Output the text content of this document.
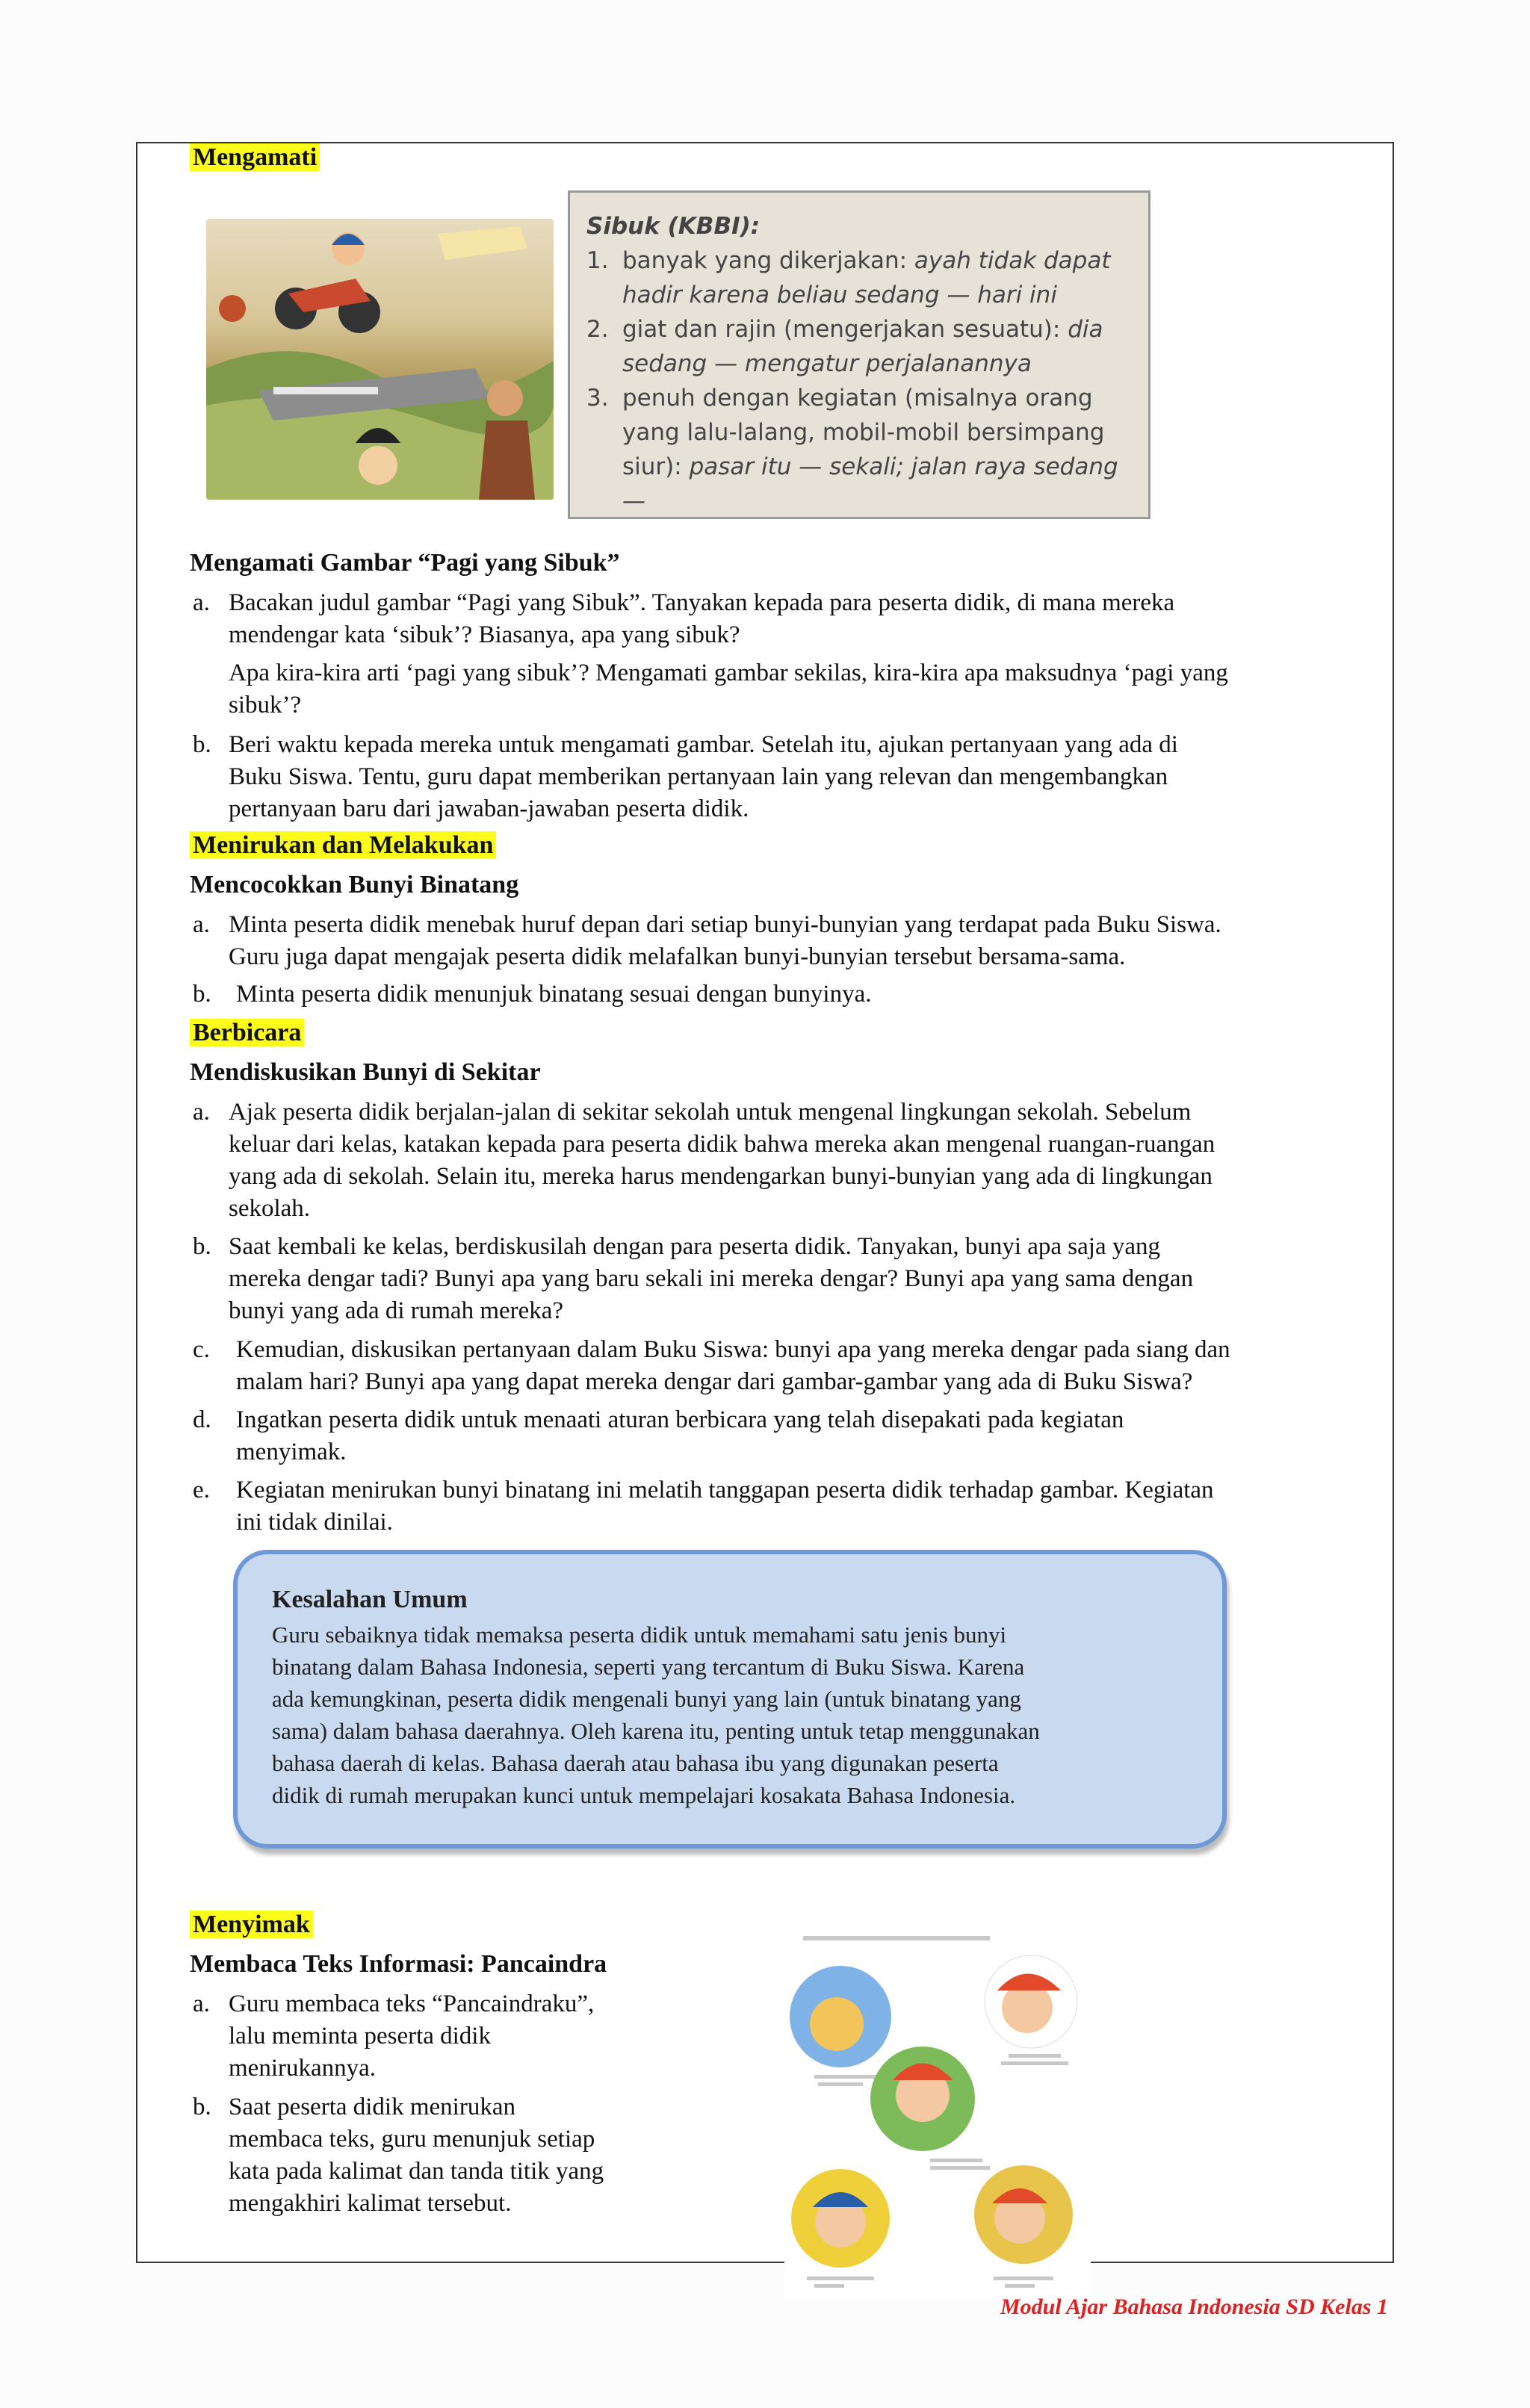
Mengamati
Sibuk (KBBI):
1. banyak yang dikerjakan: ayah tidak dapat
hadir karena beliau sedang — hari ini
2. giat dan rajin (mengerjakan sesuatu): dia
sedang — mengatur perjalanannya
3. penuh dengan kegiatan (misalnya orang
yang lalu-lalang, mobil-mobil bersimpang
siur): pasar itu — sekali; jalan raya sedang —
Mengamati Gambar “Pagi yang Sibuk”
a. Bacakan judul gambar “Pagi yang Sibuk”. Tanyakan kepada para peserta didik, di mana mereka
mendengar kata ‘sibuk’? Biasanya, apa yang sibuk?
Apa kira-kira arti ‘pagi yang sibuk’? Mengamati gambar sekilas, kira-kira apa maksudnya ‘pagi yang
sibuk’?
b. Beri waktu kepada mereka untuk mengamati gambar. Setelah itu, ajukan pertanyaan yang ada di
Buku Siswa. Tentu, guru dapat memberikan pertanyaan lain yang relevan dan mengembangkan
pertanyaan baru dari jawaban-jawaban peserta didik.
Menirukan dan Melakukan
Mencocokkan Bunyi Binatang
a. Minta peserta didik menebak huruf depan dari setiap bunyi-bunyian yang terdapat pada Buku Siswa.
Guru juga dapat mengajak peserta didik melafalkan bunyi-bunyian tersebut bersama-sama.
b. Minta peserta didik menunjuk binatang sesuai dengan bunyinya.
Berbicara
Mendiskusikan Bunyi di Sekitar
a. Ajak peserta didik berjalan-jalan di sekitar sekolah untuk mengenal lingkungan sekolah. Sebelum
keluar dari kelas, katakan kepada para peserta didik bahwa mereka akan mengenal ruangan-ruangan
yang ada di sekolah. Selain itu, mereka harus mendengarkan bunyi-bunyian yang ada di lingkungan
sekolah.
b. Saat kembali ke kelas, berdiskusilah dengan para peserta didik. Tanyakan, bunyi apa saja yang
mereka dengar tadi? Bunyi apa yang baru sekali ini mereka dengar? Bunyi apa yang sama dengan
bunyi yang ada di rumah mereka?
c. Kemudian, diskusikan pertanyaan dalam Buku Siswa: bunyi apa yang mereka dengar pada siang dan
malam hari? Bunyi apa yang dapat mereka dengar dari gambar-gambar yang ada di Buku Siswa?
d. Ingatkan peserta didik untuk menaati aturan berbicara yang telah disepakati pada kegiatan
menyimak.
e. Kegiatan menirukan bunyi binatang ini melatih tanggapan peserta didik terhadap gambar. Kegiatan
ini tidak dinilai.
Kesalahan Umum
Guru sebaiknya tidak memaksa peserta didik untuk memahami satu jenis bunyi
binatang dalam Bahasa Indonesia, seperti yang tercantum di Buku Siswa. Karena
ada kemungkinan, peserta didik mengenali bunyi yang lain (untuk binatang yang
sama) dalam bahasa daerahnya. Oleh karena itu, penting untuk tetap menggunakan
bahasa daerah di kelas. Bahasa daerah atau bahasa ibu yang digunakan peserta
didik di rumah merupakan kunci untuk mempelajari kosakata Bahasa Indonesia.
Menyimak
Membaca Teks Informasi: Pancaindra
a. Guru membaca teks “Pancaindraku”,
lalu meminta peserta didik
menirukannya.
b. Saat peserta didik menirukan
membaca teks, guru menunjuk setiap
kata pada kalimat dan tanda titik yang
mengakhiri kalimat tersebut.
Modul Ajar Bahasa Indonesia SD Kelas 1
